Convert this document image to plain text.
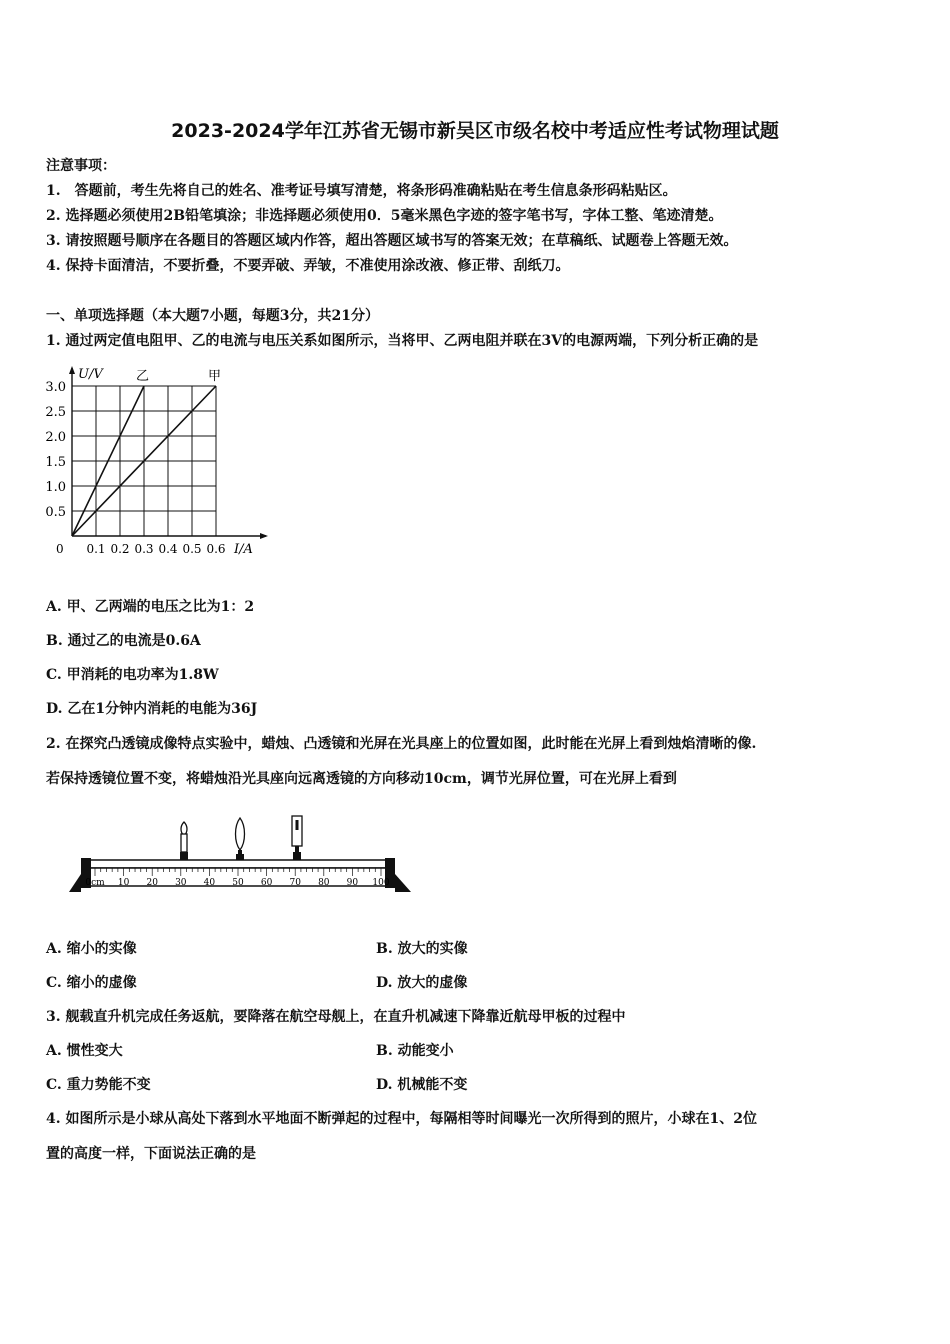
2023-2024学年江苏省无锡市新吴区市级名校中考适应性考试物理试题
注意事项：
1.　答题前，考生先将自己的姓名、准考证号填写清楚，将条形码准确粘贴在考生信息条形码粘贴区。
2. 选择题必须使用2B铅笔填涂；非选择题必须使用0．5毫米黑色字迹的签字笔书写，字体工整、笔迹清楚。
3. 请按照题号顺序在各题目的答题区域内作答，超出答题区域书写的答案无效；在草稿纸、试题卷上答题无效。
4. 保持卡面清洁，不要折叠，不要弄破、弄皱，不准使用涂改液、修正带、刮纸刀。
一、单项选择题（本大题7小题，每题3分，共21分）
1. 通过两定值电阻甲、乙的电流与电压关系如图所示，当将甲、乙两电阻并联在3V的电源两端，下列分析正确的是
0.5
1.0
1.5
2.0
2.5
3.0
0.1 0.2 0.3 0.4 0.5 0.6
U/V
I/A
0
乙	甲
A. 甲、乙两端的电压之比为1：2
B. 通过乙的电流是0.6A
C. 甲消耗的电功率为1.8W
D. 乙在1分钟内消耗的电能为36J
2. 在探究凸透镜成像特点实验中，蜡烛、凸透镜和光屏在光具座上的位置如图，此时能在光屏上看到烛焰清晰的像.
若保持透镜位置不变，将蜡烛沿光具座向远离透镜的方向移动10cm，调节光屏位置，可在光屏上看到
0cm 10 20 30 40 50 60 70 80 90 100
A. 缩小的实像	B. 放大的实像
C. 缩小的虚像	D. 放大的虚像
3. 舰载直升机完成任务返航，要降落在航空母舰上，在直升机减速下降靠近航母甲板的过程中
A. 惯性变大	B. 动能变小
C. 重力势能不变	D. 机械能不变
4. 如图所示是小球从高处下落到水平地面不断弹起的过程中，每隔相等时间曝光一次所得到的照片，小球在1、2位
置的高度一样，下面说法正确的是
